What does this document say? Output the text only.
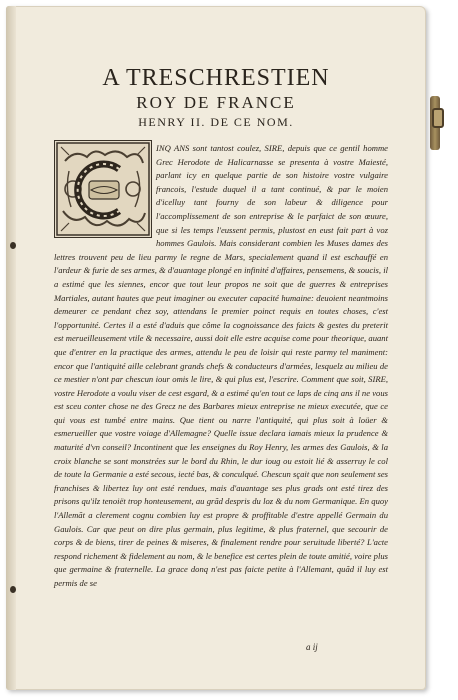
A TRESCHRESTIEN
ROY DE FRANCE
HENRY II. DE CE NOM.

INQ ANS sont tantost coulez, SIRE, depuis que ce gentil homme Grec Herodote de Halicarnasse se presenta à vostre Maiesté, parlant icy en quelque partie de son histoire vostre vulgaire francois, l'estude duquel il a tant continué, & par le moien d'icelluy tant fourny de son labeur & diligence pour l'accomplissement de son entreprise & le parfaict de son œuure, que si les temps l'eussent permis, plustost en eust fait part à voz hommes Gaulois. Mais considerant combien les Muses dames des lettres trouvent peu de lieu parmy le regne de Mars, specialement quand il est eschauffé en l'ardeur & furie de ses armes, & d'auantage plongé en infinité d'affaires, pensemens, & soucis, il a estimé que les siennes, encor que tout leur propos ne soit que de guerres & entreprises Martiales, autant hautes que peut imaginer ou executer capacité humaine: deuoient neantmoins demeurer ce pendant chez soy, attendans le premier poinct requis en toutes choses, c'est l'opportunité. Certes il a esté d'aduis que côme la cognoissance des faicts & gestes du preterit est merueilleusement vtile & necessaire, aussi doit elle estre acquise come pour theorique, auant que d'entrer en la practique des armes, attendu le peu de loisir qui reste parmy tel maniment: encor que l'antiquité aille celebrant grands chefs & conducteurs d'armées, lesquelz au milieu de ce mestier n'ont par chescun iour omis le lire, & qui plus est, l'escrire. Comment que soit, SIRE, vostre Herodote a voulu viser de cest esgard, & a estimé qu'en tout ce laps de cinq ans il ne vous est sceu conter chose ne des Grecz ne des Barbares mieux entreprise ne mieux executée, que ce qui vous est tumbé entre mains. Que tient ou narre l'antiquité, qui plus soit à loüer & esmerueiller que vostre voiage d'Allemagne? Quelle issue declara iamais mieux la prudence & maturité d'vn conseil? Incontinent que les enseignes du Roy Henry, les armes des Gaulois, & la croix blanche se sont monstrées sur le bord du Rhin, le dur ioug ou estoit lié & asserruy le col de toute la Germanie a esté secous, iecté bas, & conculqué. Chescun sçait que non seulement ses franchises & libertez luy ont esté rendues, mais d'auantage ses plus grads ont esté tirez des prisons qu'ilz tenoiët trop honteusement, au grãd despris du loz & du nom Germanique. En quoy l'Allemãt a clerement cognu combien luy est propre & proffitable d'estre appellé Germain du Gaulois. Car que peut on dire plus germain, plus legitime, & plus fraternel, que secourir de corps & de biens, tirer de peines & miseres, & finalement rendre pour seruitude liberté? L'acte respond richement & fidelement au nom, & le benefice est certes plein de toute amitié, voire plus que germaine & fraternelle. La grace donq n'est pas faicte petite à l'Allemant, quãd il luy est permis de se

a ij
